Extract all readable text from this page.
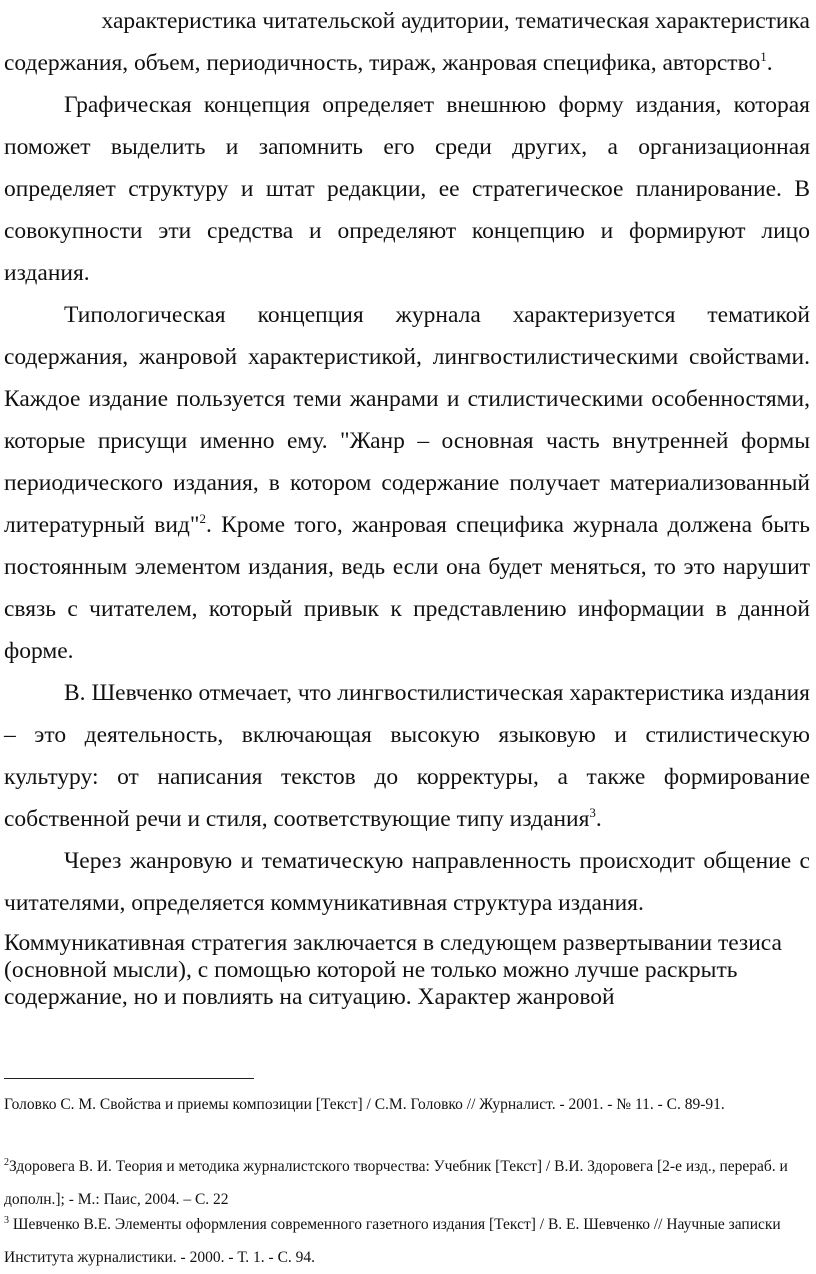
характеристика читательской аудитории, тематическая характеристика

содержания, объем, периодичность, тираж, жанровая специфика, авторство$^1$.

Графическая концепция определяет внешнюю форму издания, которая поможет выделить и запомнить его среди других, а организационная определяет структуру и штат редакции, ее стратегическое планирование. В совокупности эти средства и определяют концепцию и формируют лицо издания.

Типологическая концепция журнала характеризуется тематикой содержания, жанровой характеристикой, лингвостилистическими свойствами. Каждое издание пользуется теми жанрами и стилистическими особенностями, которые присущи именно ему. "Жанр – основная часть внутренней формы периодического издания, в котором содержание получает материализованный литературный вид"$^2$. Кроме того, жанровая специфика журнала должена быть постоянным элементом издания, ведь если она будет меняться, то это нарушит связь с читателем, который привык к представлению информации в данной форме.

В. Шевченко отмечает, что лингвостилистическая характеристика издания – это деятельность, включающая высокую языковую и стилистическую культуру: от написания текстов до корректуры, а также формирование собственной речи и стиля, соответствующие типу издания$^3$.

Через жанровую и тематическую направленность происходит общение с читателями, определяется коммуникативная структура издания.

Коммуникативная стратегия заключается в следующем развертывании тезиса (основной мысли), с помощью которой не только можно лучше раскрыть содержание, но и повлиять на ситуацию. Характер жанровой

Головко С. М. Свойства и приемы композиции [Текст] / С.М. Головко // Журналист. - 2001. - № 11. - С. 89-91.

$^2$Здоровега В. И. Теория и методика журналистского творчества: Учебник [Текст] / В.И. Здоровега [2-е изд., перераб. и дополн.]; - М.: Паис, 2004. – С. 22

$^3$ Шевченко В.Е. Элементы оформления современного газетного издания [Текст] / В. Е. Шевченко // Научные записки Института журналистики. - 2000. - Т. 1. - С. 94.
